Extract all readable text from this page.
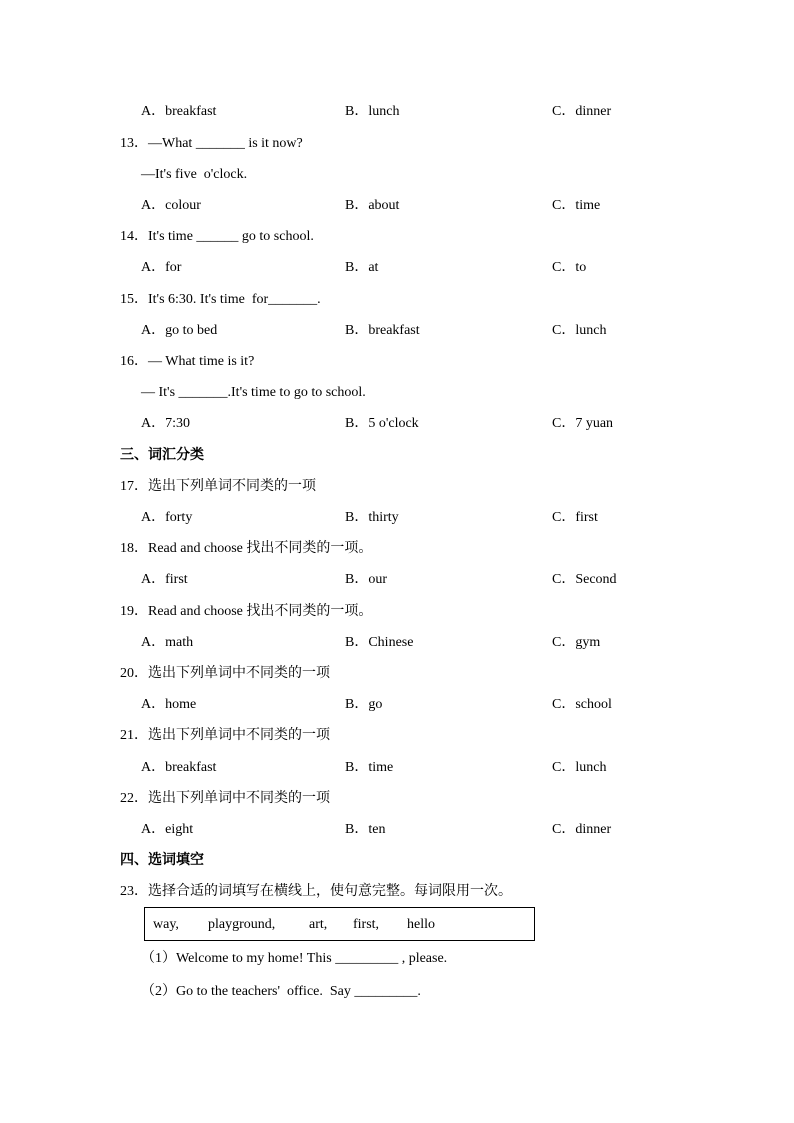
A．breakfast	B．lunch	C．dinner
13．—What _______ is it now?
—It's five  o'clock.
A．colour	B．about	C．time
14．It's time ______ go to school.
A．for	B．at	C．to
15．It's 6:30. It's time  for_______.
A．go to bed	B．breakfast	C．lunch
16．— What time is it?
— It's _______.It's time to go to school.
A．7:30	B．5 o'clock	C．7 yuan
三、词汇分类
17．选出下列单词不同类的一项
A．forty	B．thirty	C．first
18．Read and choose 找出不同类的一项。
A．first	B．our	C．Second
19．Read and choose 找出不同类的一项。
A．math	B．Chinese	C．gym
20．选出下列单词中不同类的一项
A．home	B．go	C．school
21．选出下列单词中不同类的一项
A．breakfast	B．time	C．lunch
22．选出下列单词中不同类的一项
A．eight	B．ten	C．dinner
四、选词填空
23．选择合适的词填写在横线上，使句意完整。每词限用一次。
way, playground, art, first, hello
（1）Welcome to my home! This _________ , please.
（2）Go to the teachers'  office.  Say _________.
